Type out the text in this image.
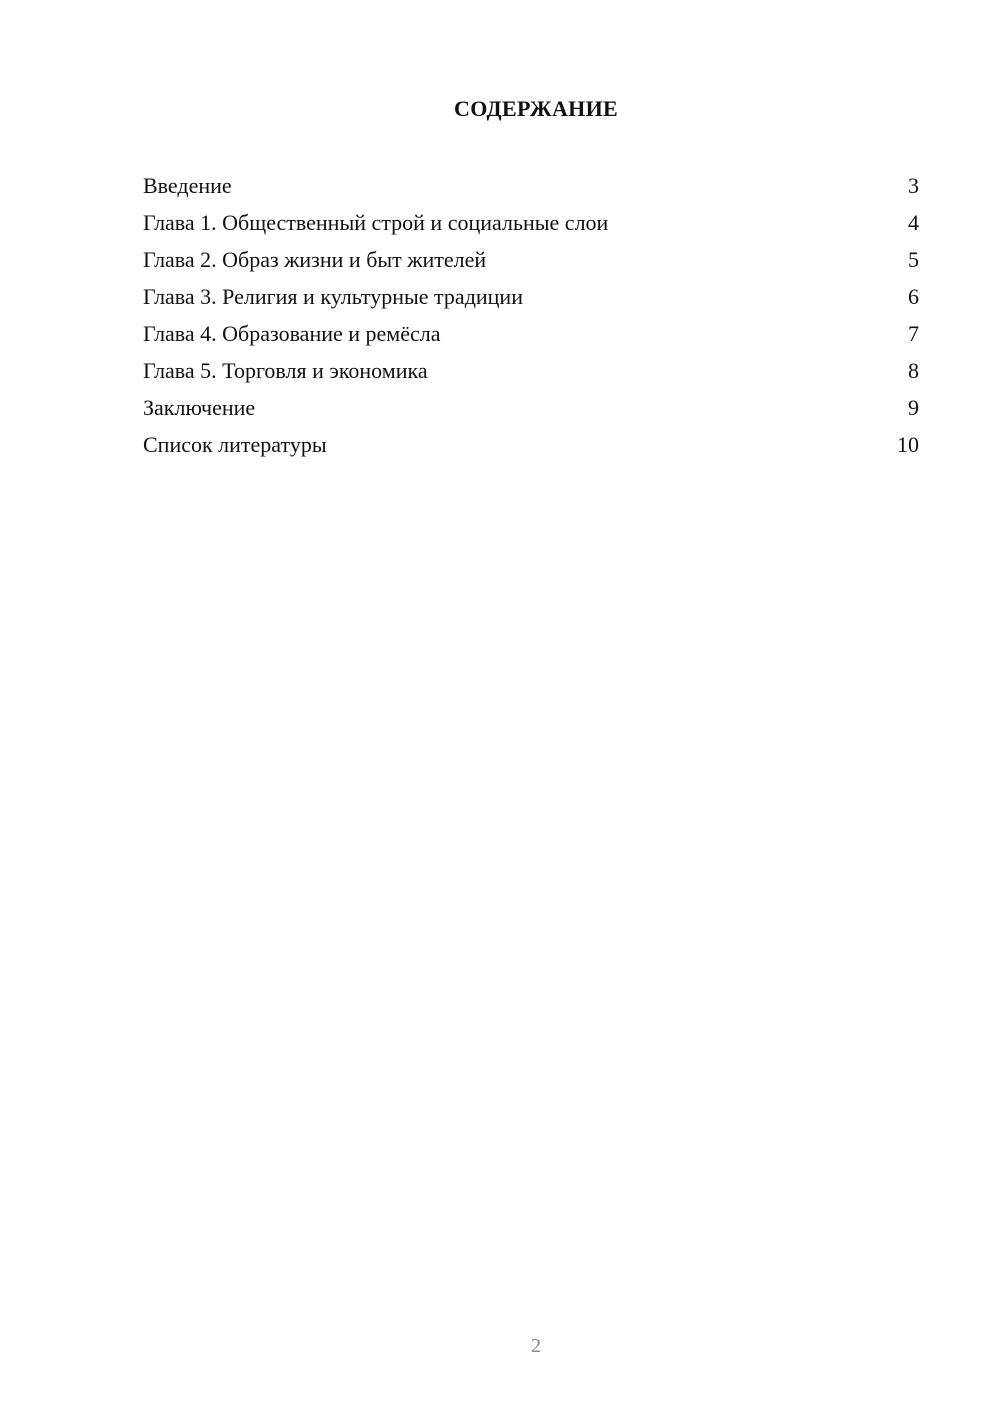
СОДЕРЖАНИЕ
Введение	3
Глава 1. Общественный строй и социальные слои	4
Глава 2. Образ жизни и быт жителей	5
Глава 3. Религия и культурные традиции	6
Глава 4. Образование и ремёсла	7
Глава 5. Торговля и экономика	8
Заключение	9
Список литературы	10
2
